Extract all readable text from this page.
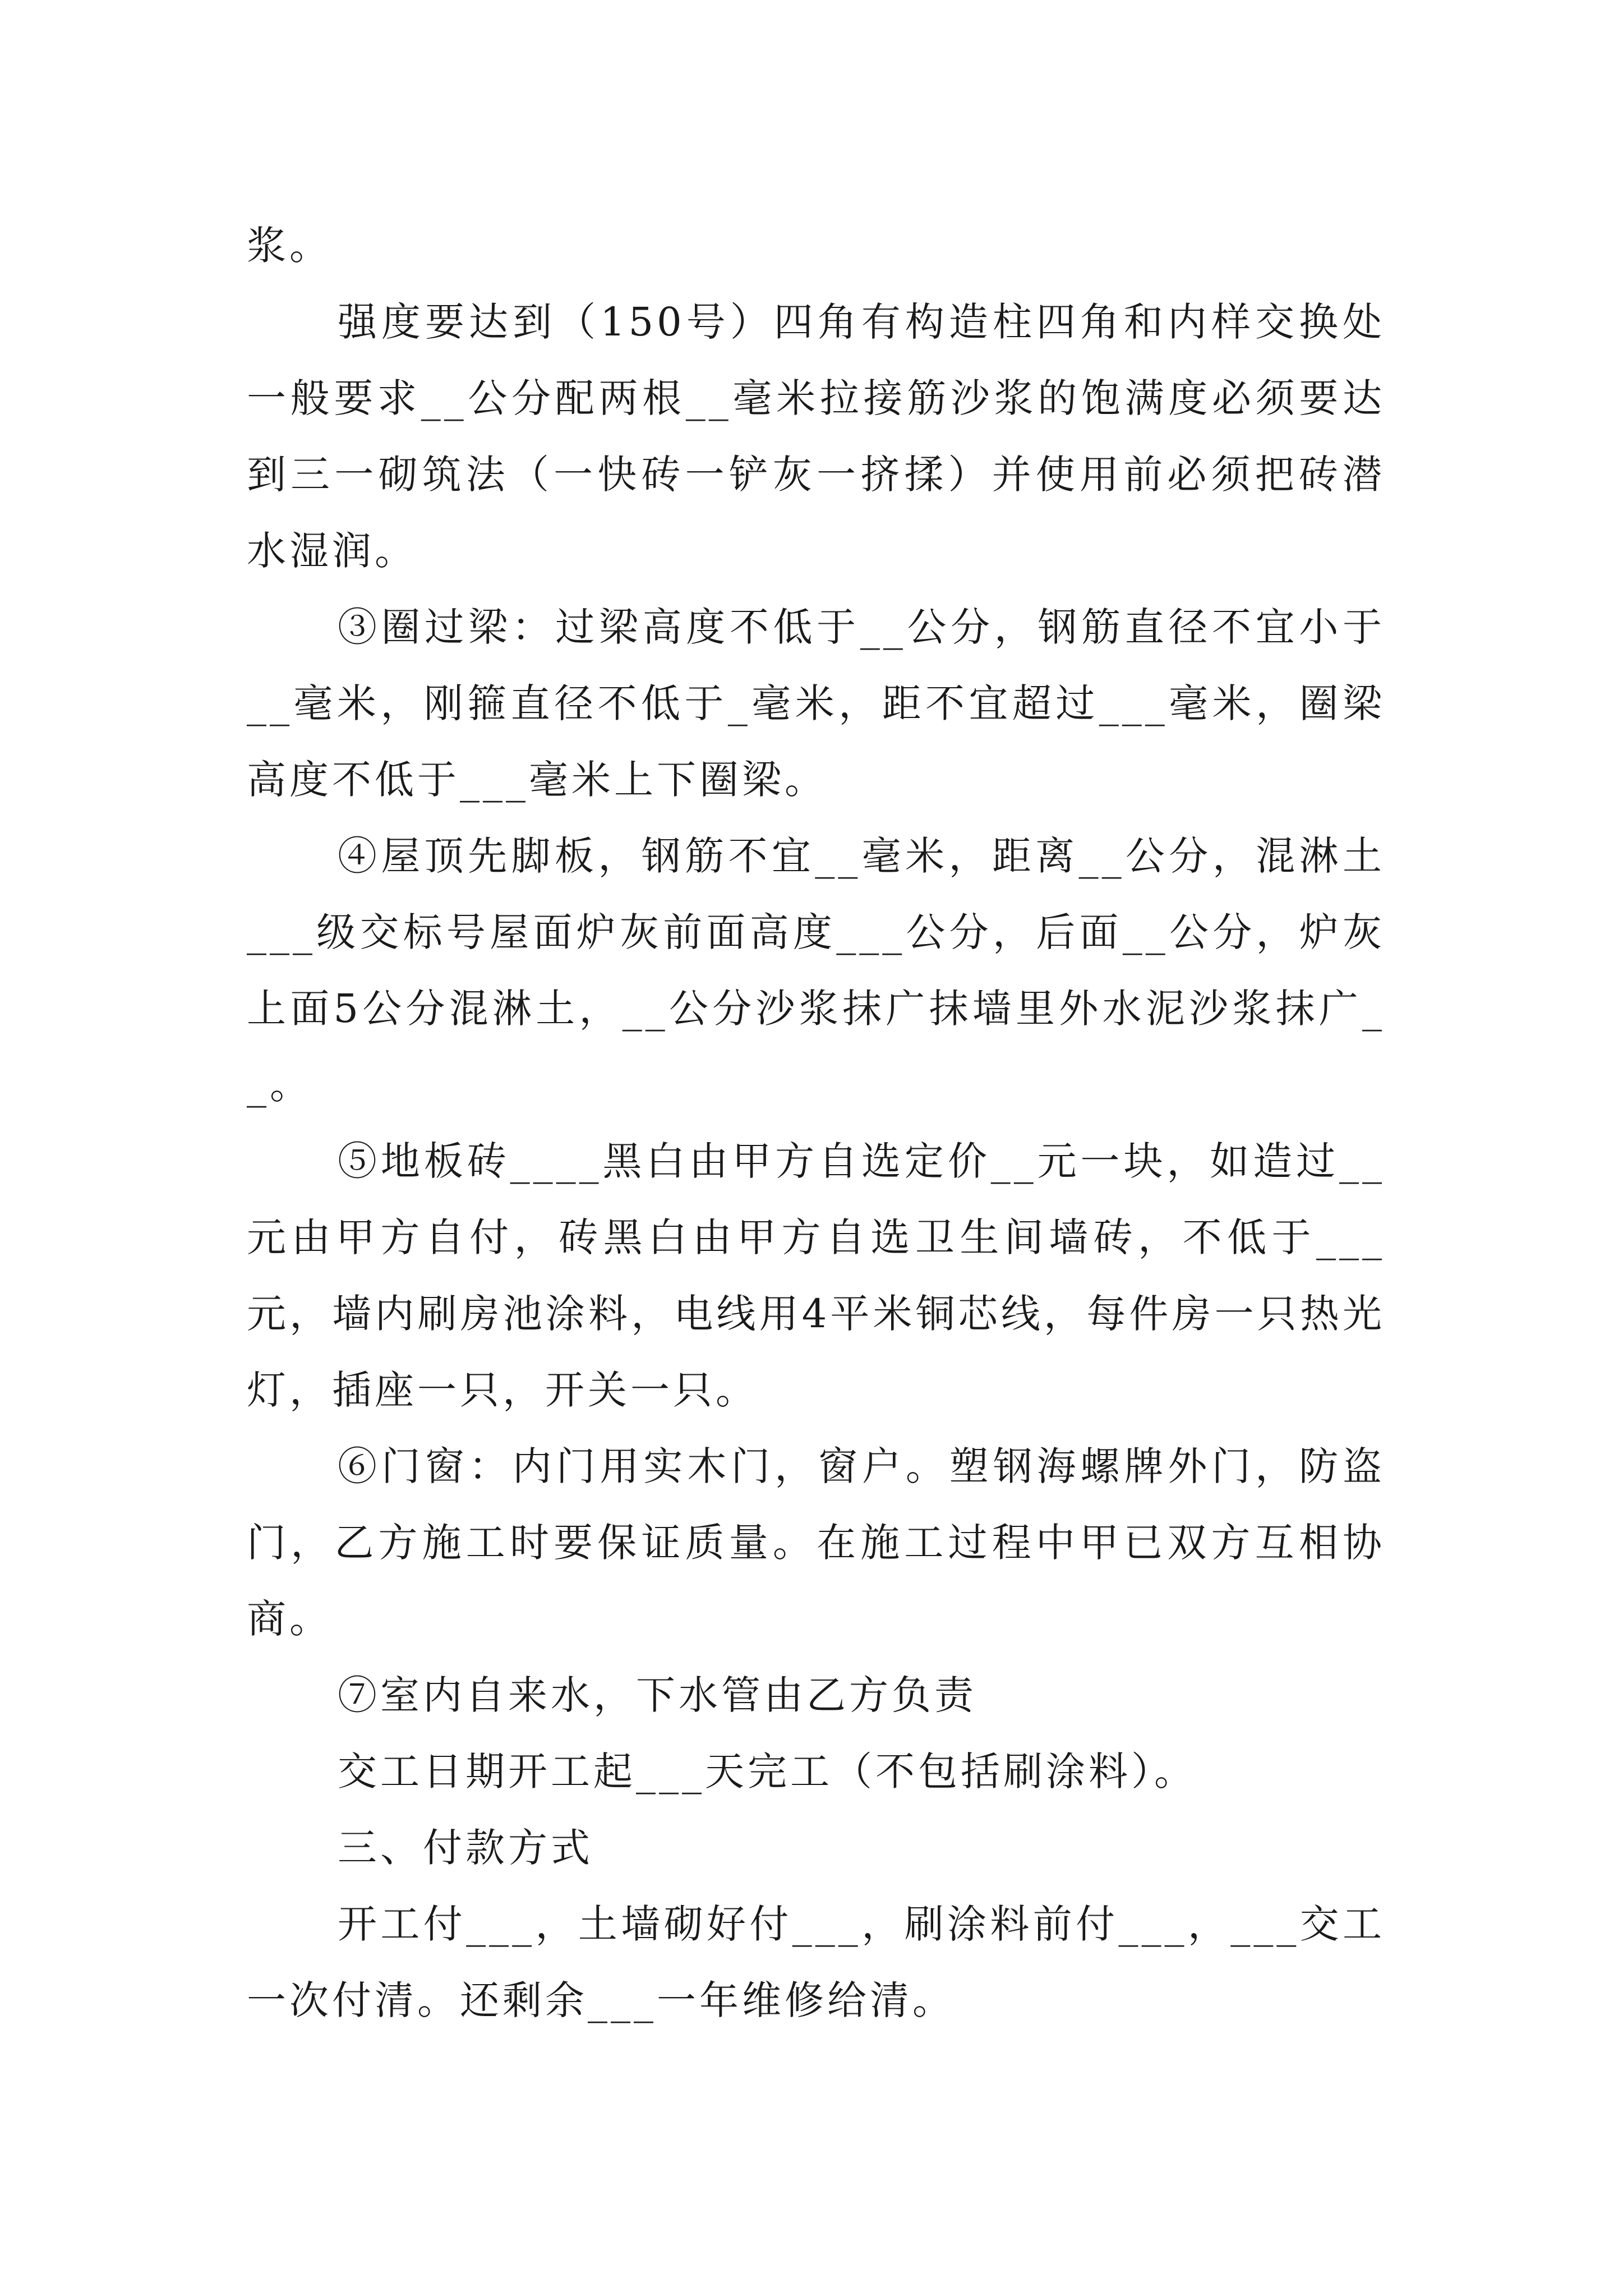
浆。

强度要达到（150号）四角有构造柱四角和内样交换处一般要求__公分配两根__毫米拉接筋沙浆的饱满度必须要达到三一砌筑法（一快砖一铲灰一挤揉）并使用前必须把砖潜水湿润。

③圈过梁：过梁高度不低于__公分，钢筋直径不宜小于__毫米，刚箍直径不低于_毫米，距不宜超过___毫米，圈梁高度不低于___毫米上下圈梁。

④屋顶先脚板，钢筋不宜__毫米，距离__公分，混淋土___级交标号屋面炉灰前面高度___公分，后面__公分，炉灰上面5公分混淋土，__公分沙浆抹广抹墙里外水泥沙浆抹广__。

⑤地板砖____黑白由甲方自选定价__元一块，如造过__元由甲方自付，砖黑白由甲方自选卫生间墙砖，不低于___元，墙内刷房池涂料，电线用4平米铜芯线，每件房一只热光灯，插座一只，开关一只。

⑥门窗：内门用实木门，窗户。塑钢海螺牌外门，防盗门，乙方施工时要保证质量。在施工过程中甲已双方互相协商。

⑦室内自来水，下水管由乙方负责

交工日期开工起___天完工（不包括刷涂料）。

三、付款方式

开工付___，土墙砌好付___，刷涂料前付___，___交工一次付清。还剩余___一年维修给清。
